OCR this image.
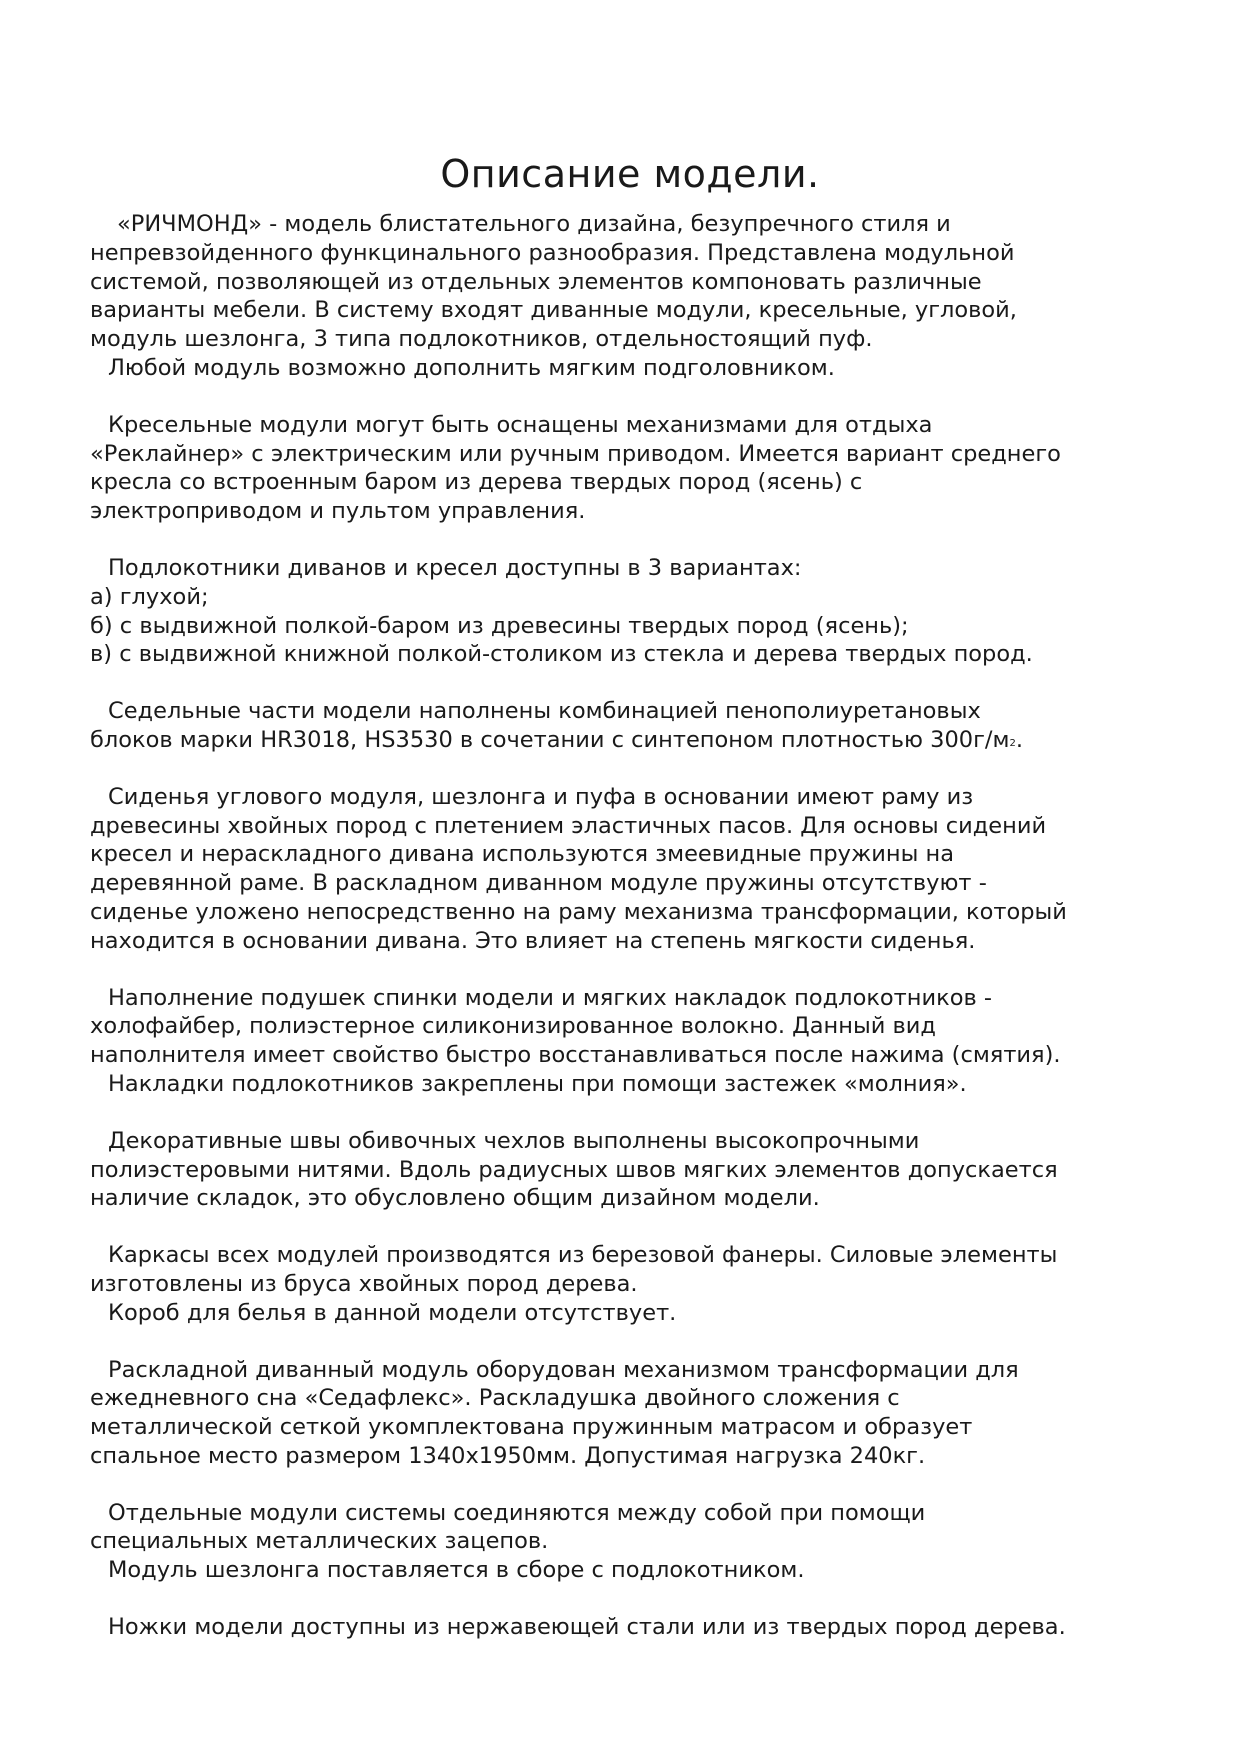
Описание модели.
«РИЧМОНД» - модель блистательного дизайна, безупречного стиля и
непревзойденного функцинального разнообразия. Представлена модульной
системой, позволяющей из отдельных элементов компоновать различные
варианты мебели. В систему входят диванные модули, кресельные, угловой,
модуль шезлонга, 3 типа подлокотников, отдельностоящий пуф.
Любой модуль возможно дополнить мягким подголовником.
Кресельные модули могут быть оснащены механизмами для отдыха
«Реклайнер» с электрическим или ручным приводом. Имеется вариант среднего
кресла со встроенным баром из дерева твердых пород (ясень) с
электроприводом и пультом управления.
Подлокотники диванов и кресел доступны в 3 вариантах:
а) глухой;
б) с выдвижной полкой-баром из древесины твердых пород (ясень);
в) с выдвижной книжной полкой-столиком из стекла и дерева твердых пород.
Седельные части модели наполнены комбинацией пенополиуретановых
блоков марки HR3018, HS3530 в сочетании с синтепоном плотностью $300г/м^2$.
Сиденья углового модуля, шезлонга и пуфа в основании имеют раму из
древесины хвойных пород с плетением эластичных пасов. Для основы сидений
кресел и нераскладного дивана используются змеевидные пружины на
деревянной раме. В раскладном диванном модуле пружины отсутствуют -
сиденье уложено непосредственно на раму механизма трансформации, который
находится в основании дивана. Это влияет на степень мягкости сиденья.
Наполнение подушек спинки модели и мягких накладок подлокотников -
холофайбер, полиэстерное силиконизированное волокно. Данный вид
наполнителя имеет свойство быстро восстанавливаться после нажима (смятия).
Накладки подлокотников закреплены при помощи застежек «молния».
Декоративные швы обивочных чехлов выполнены высокопрочными
полиэстеровыми нитями. Вдоль радиусных швов мягких элементов допускается
наличие складок, это обусловлено общим дизайном модели.
Каркасы всех модулей производятся из березовой фанеры. Силовые элементы
изготовлены из бруса хвойных пород дерева.
Короб для белья в данной модели отсутствует.
Раскладной диванный модуль оборудован механизмом трансформации для
ежедневного сна «Седафлекс». Раскладушка двойного сложения с
металлической сеткой укомплектована пружинным матрасом и образует
спальное место размером 1340х1950мм. Допустимая нагрузка 240кг.
Отдельные модули системы соединяются между собой при помощи
специальных металлических зацепов.
Модуль шезлонга поставляется в сборе с подлокотником.
Ножки модели доступны из нержавеющей стали или из твердых пород дерева.
